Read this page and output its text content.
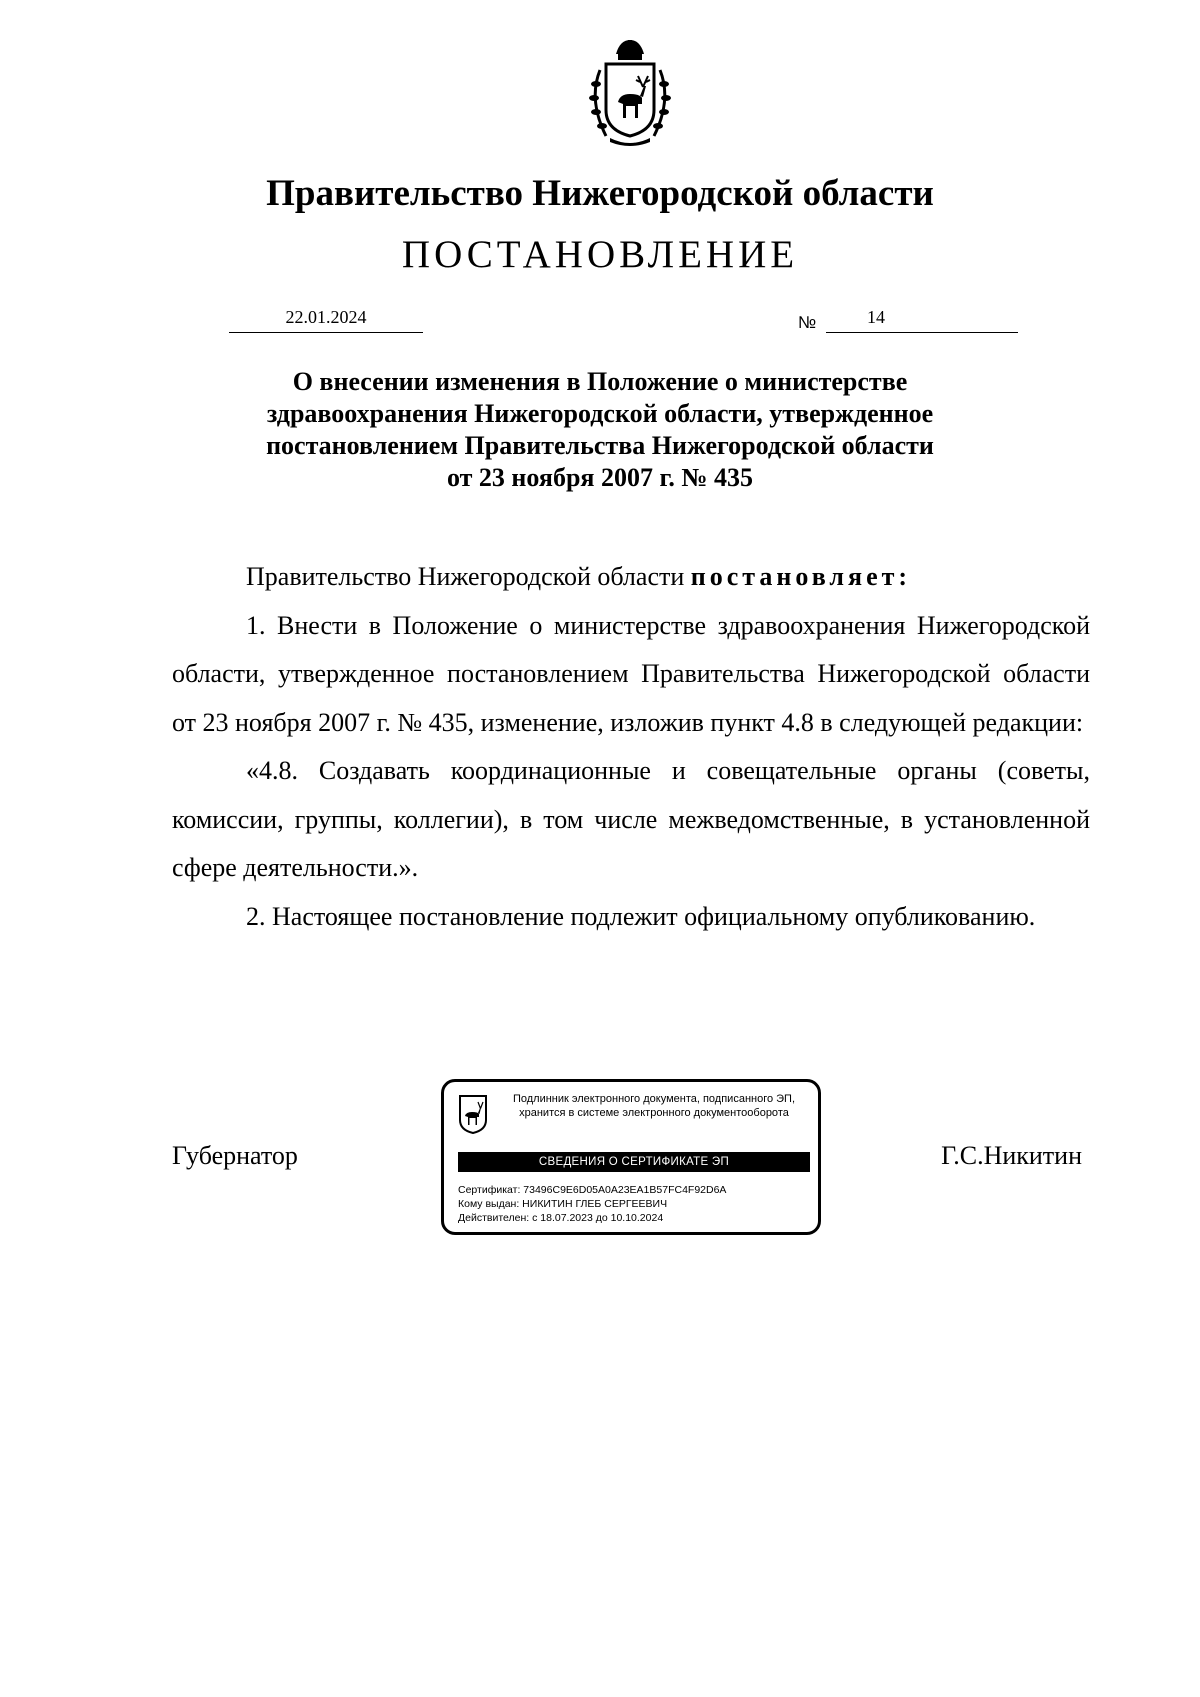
Правительство Нижегородской области
ПОСТАНОВЛЕНИЕ
22.01.2024	№	14
О внесении изменения в Положение о министерстве
здравоохранения Нижегородской области, утвержденное
постановлением Правительства Нижегородской области
от 23 ноября 2007 г. № 435

Правительство Нижегородской области постановляет:

1. Внести в Положение о министерстве здравоохранения Нижегородской области, утвержденное постановлением Правительства Нижегородской области от 23 ноября 2007 г. № 435, изменение, изложив пункт 4.8 в следующей редакции:

«4.8. Создавать координационные и совещательные органы (советы, комиссии, группы, коллегии), в том числе межведомственные, в установленной сфере деятельности.».

2. Настоящее постановление подлежит официальному опубликованию.

Губернатор	Г.С.Никитин
Подлинник электронного документа, подписанного ЭП,
хранится в системе электронного документооборота
СВЕДЕНИЯ О СЕРТИФИКАТЕ ЭП
Сертификат: 73496C9E6D05A0A23EA1B57FC4F92D6A
Кому выдан: НИКИТИН ГЛЕБ СЕРГЕЕВИЧ
Действителен: с 18.07.2023 до 10.10.2024
